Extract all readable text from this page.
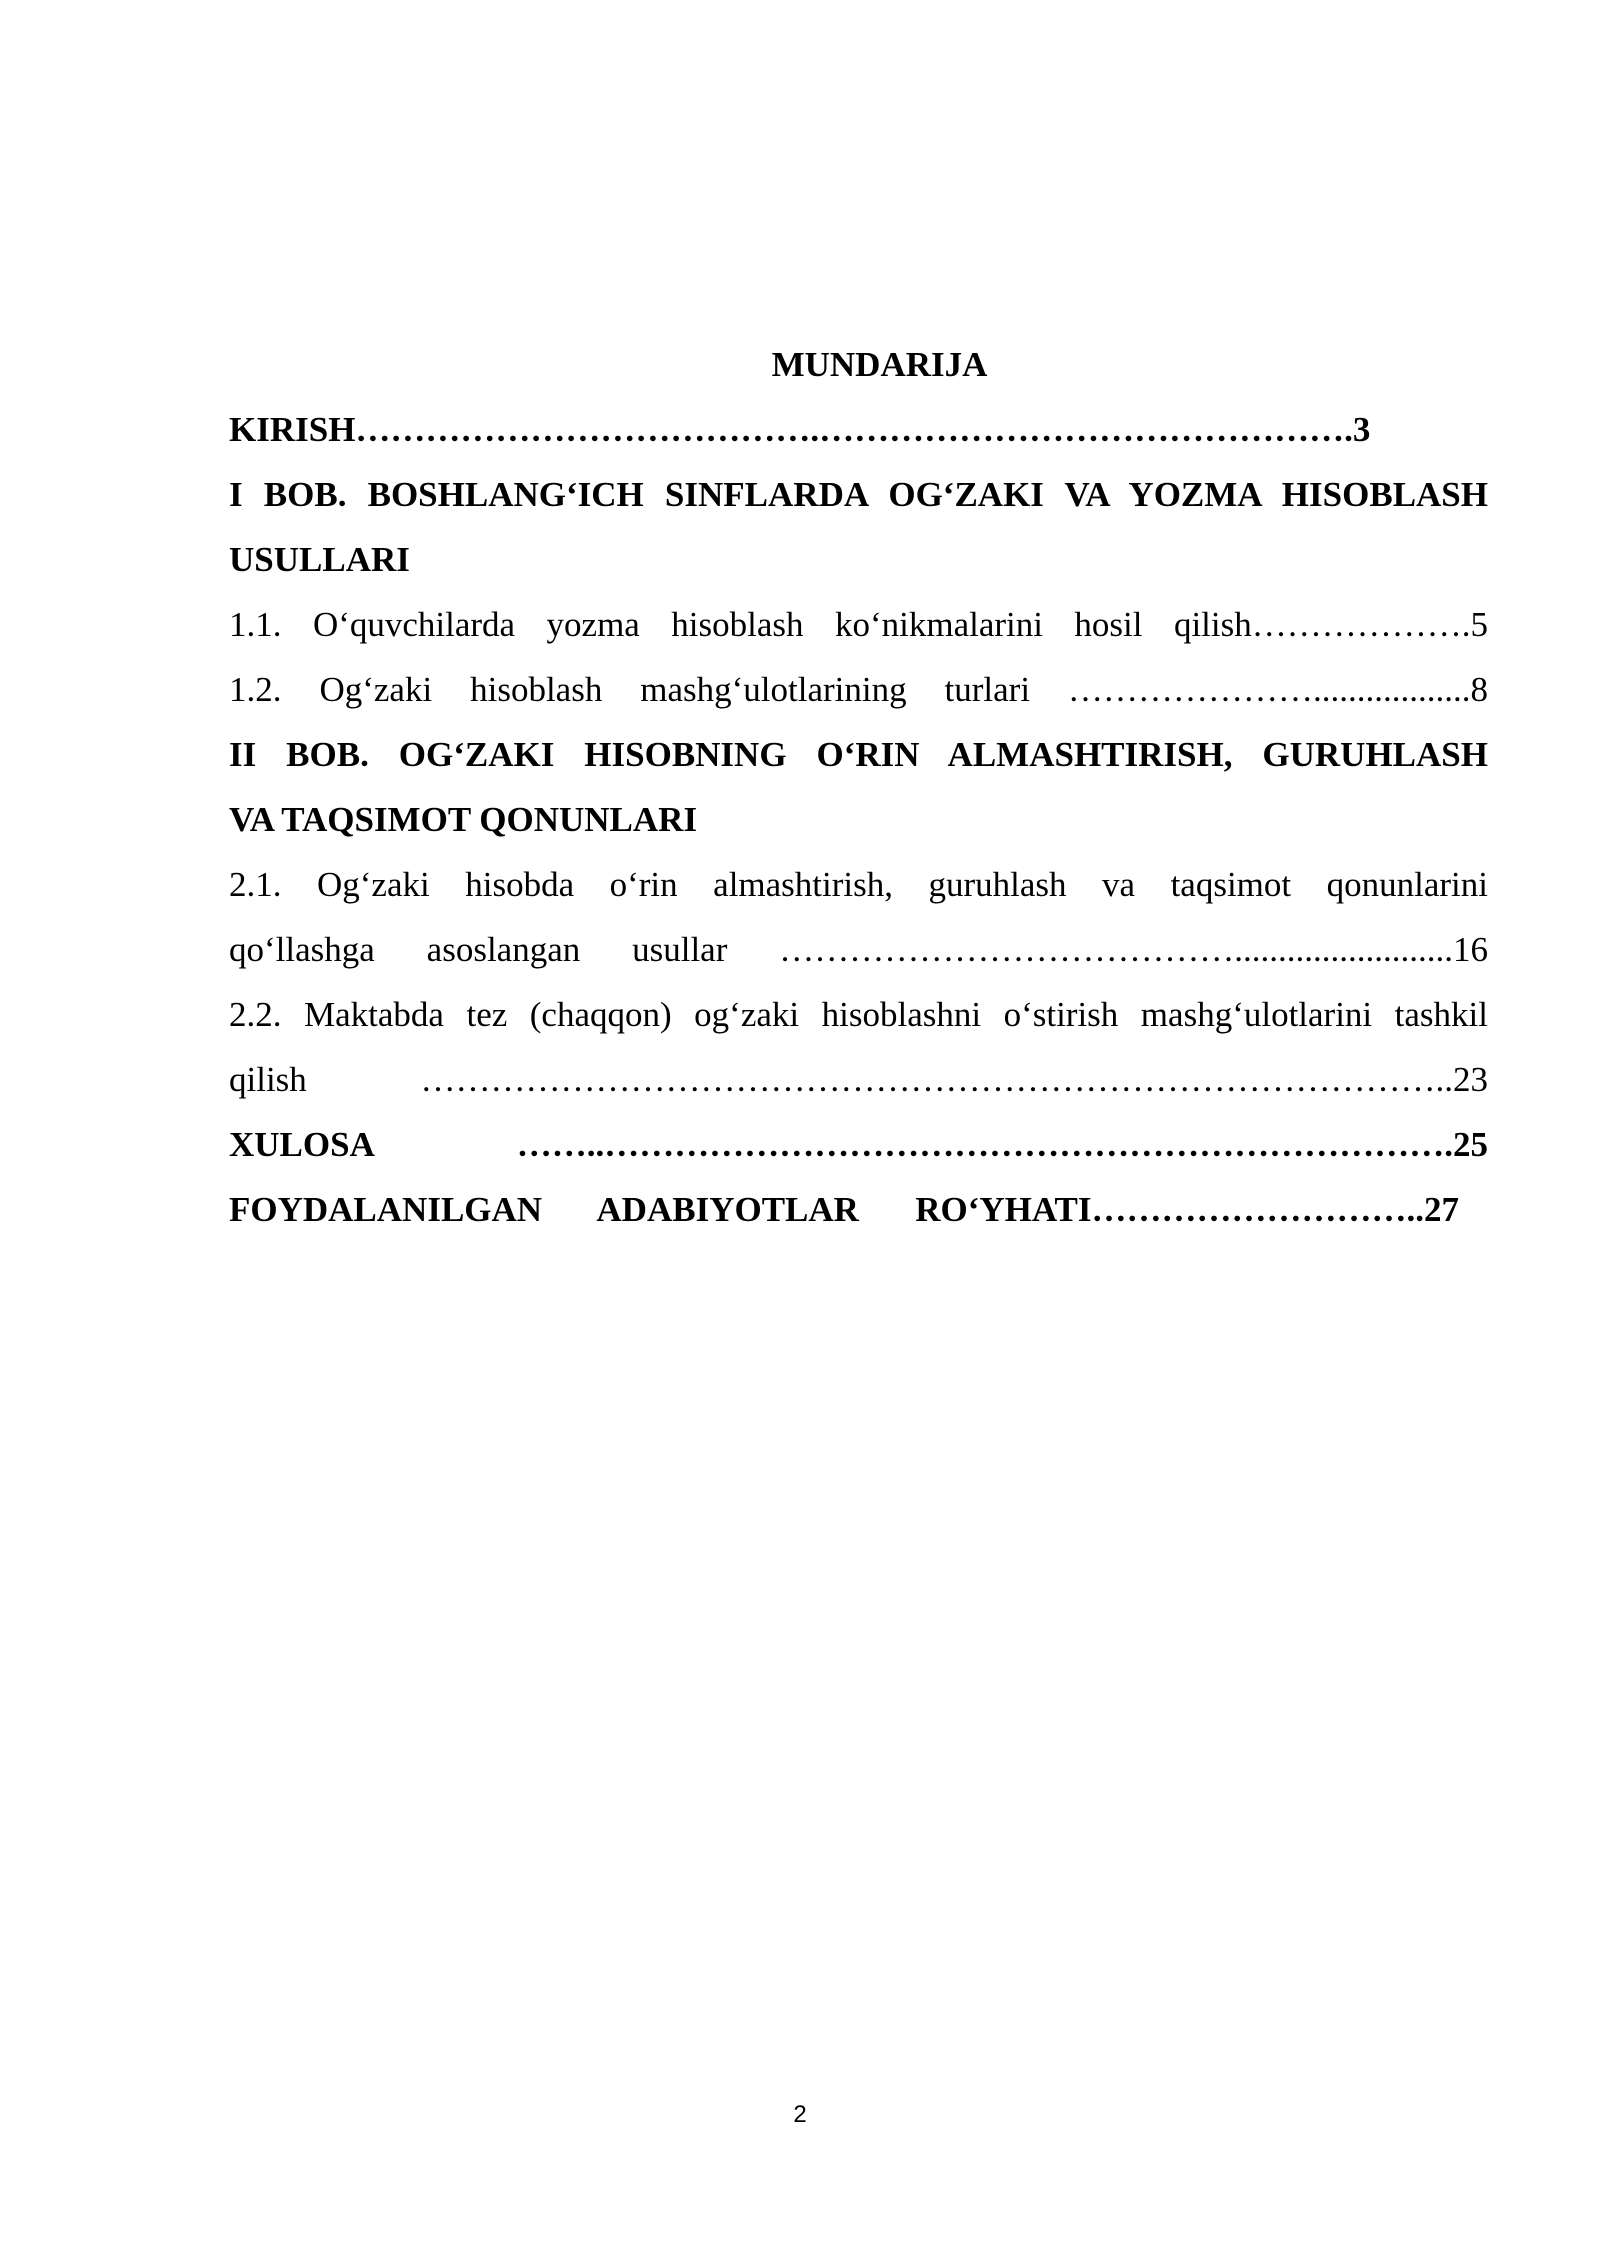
MUNDARIJA
KIRISH………………………………….……………………………………….3
I BOB. BOSHLANG‘ICH SINFLARDA OG‘ZAKI VA YOZMA HISOBLASH
USULLARI
1.1. O‘quvchilarda yozma hisoblash ko‘nikmalarini hosil qilish……………….5
1.2. Og‘zaki hisoblash mashg‘ulotlarining turlari …………………..................8
II BOB. OG‘ZAKI HISOBNING O‘RIN ALMASHTIRISH, GURUHLASH
VA TAQSIMOT QONUNLARI
2.1. Og‘zaki hisobda o‘rin almashtirish, guruhlash va taqsimot qonunlarini
qo‘llashga asoslangan usullar ………………………………….........................16
2.2. Maktabda tez (chaqqon) og‘zaki hisoblashni o‘stirish mashg‘ulotlarini tashkil
qilish ……………………………………………………………………………..23
XULOSA ……..……………………………………………………………….25
FOYDALANILGAN ADABIYOTLAR RO‘YHATI………………………..27
2
